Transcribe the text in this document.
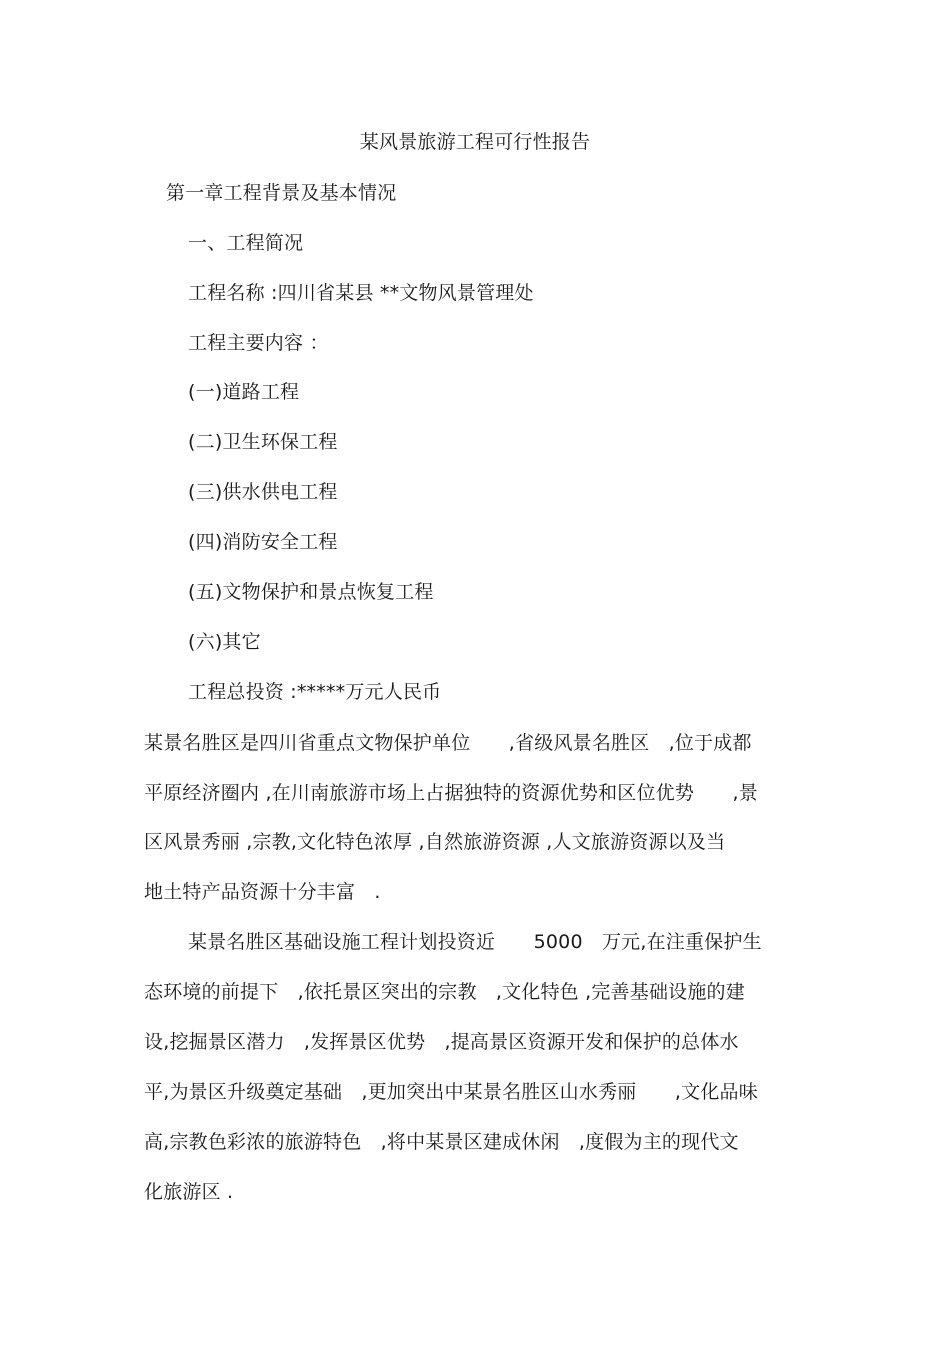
某风景旅游工程可行性报告
第一章工程背景及基本情况
一、工程简况
工程名称 :四川省某县 **文物风景管理处
工程主要内容 ：
(一)道路工程
(二)卫生环保工程
(三)供水供电工程
(四)消防安全工程
(五)文物保护和景点恢复工程
(六)其它
工程总投资 :*****万元人民币
某景名胜区是四川省重点文物保护单位　　,省级风景名胜区　,位于成都
平原经济圈内 ,在川南旅游市场上占据独特的资源优势和区位优势　　,景
区风景秀丽 ,宗教,文化特色浓厚 ,自然旅游资源 ,人文旅游资源以及当
地土特产品资源十分丰富　.
某景名胜区基础设施工程计划投资近　　5000　万元,在注重保护生
态环境的前提下　,依托景区突出的宗教　,文化特色 ,完善基础设施的建
设,挖掘景区潜力　,发挥景区优势　,提高景区资源开发和保护的总体水
平,为景区升级奠定基础　,更加突出中某景名胜区山水秀丽　　,文化品味
高,宗教色彩浓的旅游特色　,将中某景区建成休闲　,度假为主的现代文
化旅游区 .
